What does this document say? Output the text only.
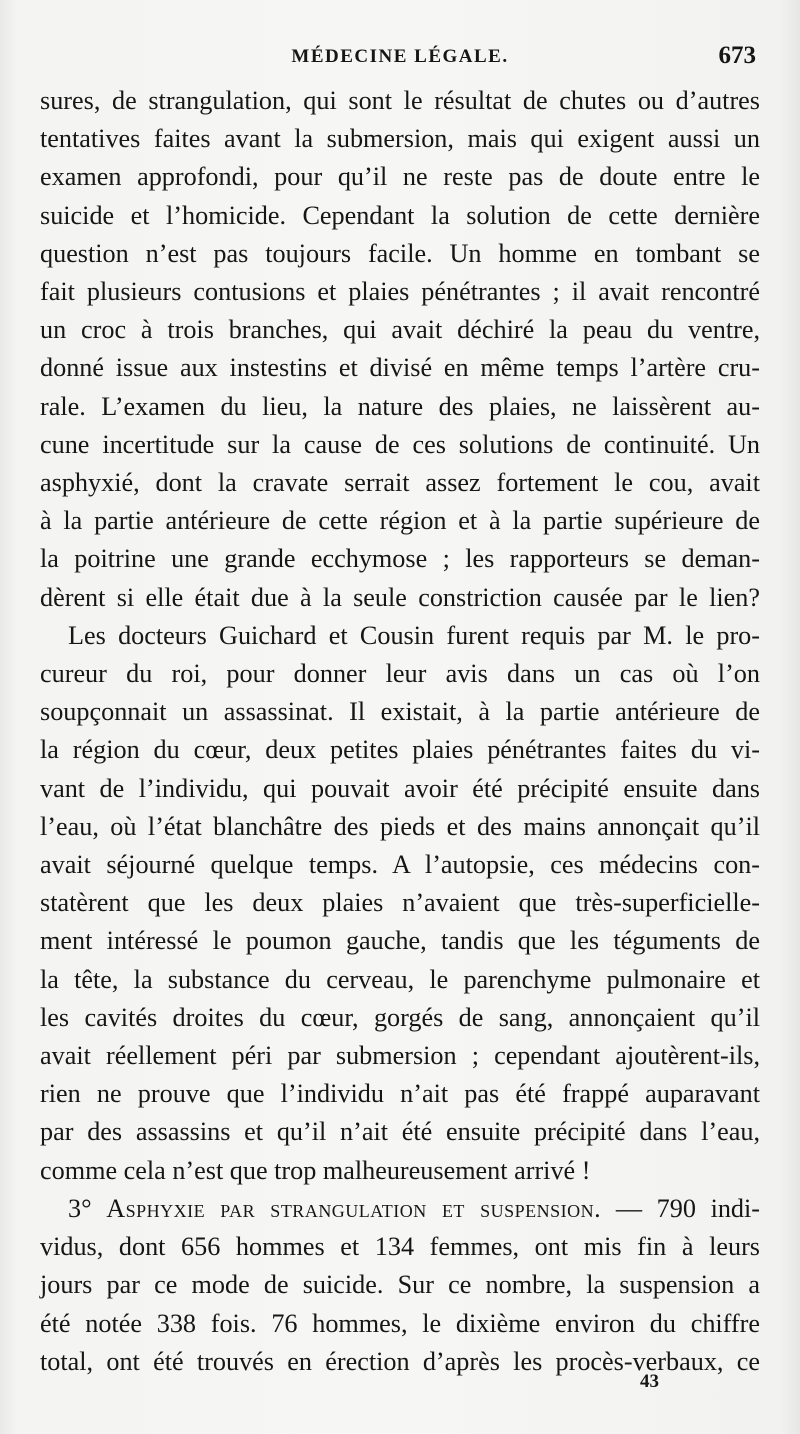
MÉDECINE LÉGALE.	673

sures, de strangulation, qui sont le résultat de chutes ou d’autres

tentatives faites avant la submersion, mais qui exigent aussi un

examen approfondi, pour qu’il ne reste pas de doute entre le

suicide et l’homicide. Cependant la solution de cette dernière

question n’est pas toujours facile. Un homme en tombant se

fait plusieurs contusions et plaies pénétrantes ; il avait rencontré

un croc à trois branches, qui avait déchiré la peau du ventre,

donné issue aux instestins et divisé en même temps l’artère cru-

rale. L’examen du lieu, la nature des plaies, ne laissèrent au-

cune incertitude sur la cause de ces solutions de continuité. Un

asphyxié, dont la cravate serrait assez fortement le cou, avait

à la partie antérieure de cette région et à la partie supérieure de

la poitrine une grande ecchymose ; les rapporteurs se deman-

dèrent si elle était due à la seule constriction causée par le lien?

Les docteurs Guichard et Cousin furent requis par M. le pro-

cureur du roi, pour donner leur avis dans un cas où l’on

soupçonnait un assassinat. Il existait, à la partie antérieure de

la région du cœur, deux petites plaies pénétrantes faites du vi-

vant de l’individu, qui pouvait avoir été précipité ensuite dans

l’eau, où l’état blanchâtre des pieds et des mains annonçait qu’il

avait séjourné quelque temps. A l’autopsie, ces médecins con-

statèrent que les deux plaies n’avaient que très-superficielle-

ment intéressé le poumon gauche, tandis que les téguments de

la tête, la substance du cerveau, le parenchyme pulmonaire et

les cavités droites du cœur, gorgés de sang, annonçaient qu’il

avait réellement péri par submersion ; cependant ajoutèrent-ils,

rien ne prouve que l’individu n’ait pas été frappé auparavant

par des assassins et qu’il n’ait été ensuite précipité dans l’eau,

comme cela n’est que trop malheureusement arrivé !

3° Asphyxie par strangulation et suspension. — 790 indi-

vidus, dont 656 hommes et 134 femmes, ont mis fin à leurs

jours par ce mode de suicide. Sur ce nombre, la suspension a

été notée 338 fois. 76 hommes, le dixième environ du chiffre

total, ont été trouvés en érection d’après les procès-verbaux, ce

43
